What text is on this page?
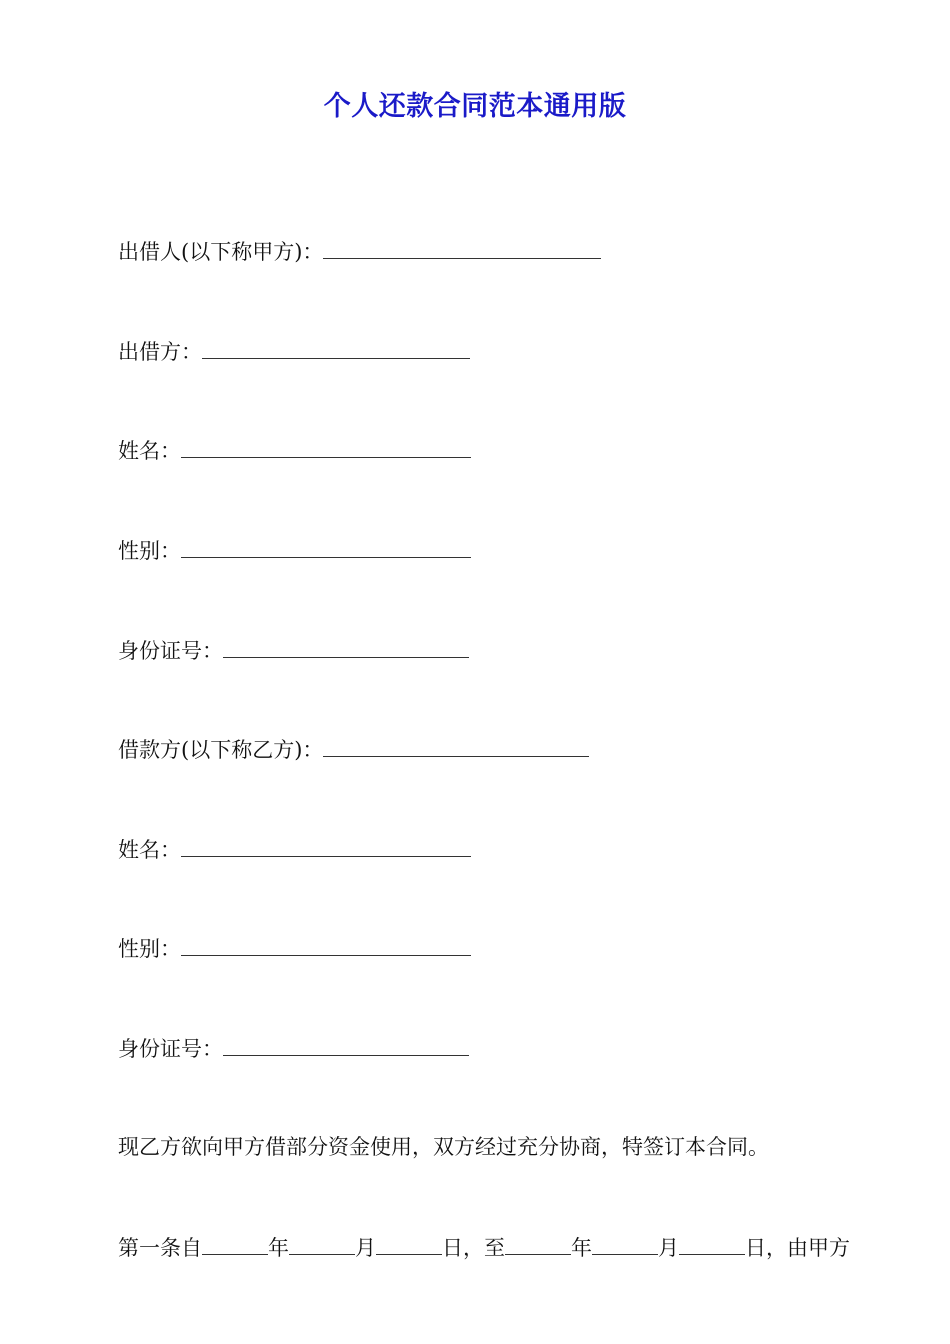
个人还款合同范本通用版
出借人(以下称甲方)：
出借方：
姓名：
性别：
身份证号：
借款方(以下称乙方)：
姓名：
性别：
身份证号：
现乙方欲向甲方借部分资金使用，双方经过充分协商，特签订本合同。
第一条自	年	月	日，至	年	月	日，由甲方
